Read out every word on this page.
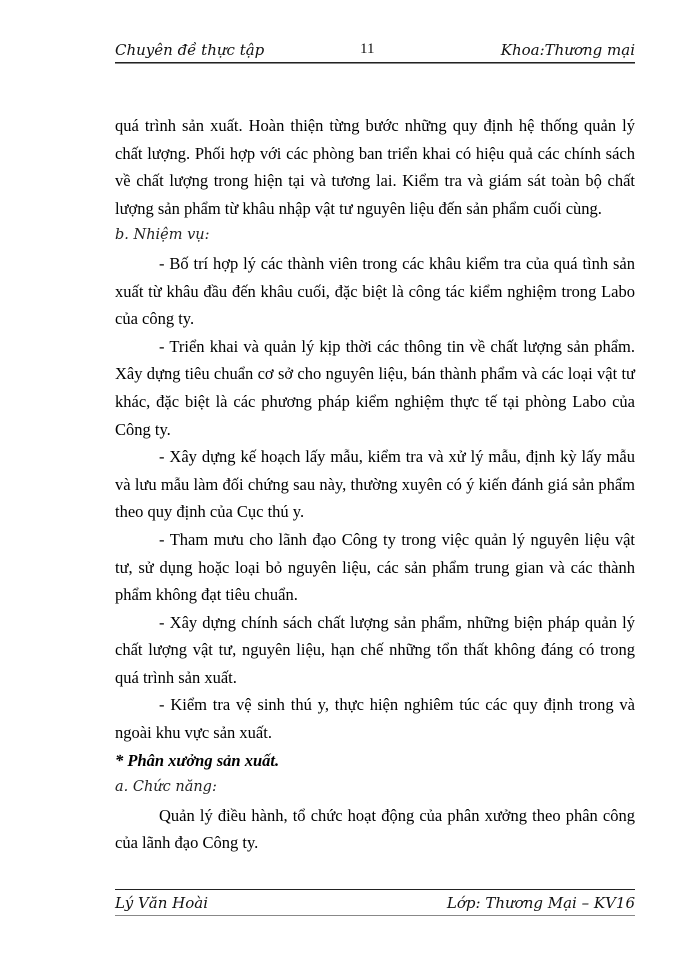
Chuyên đề thực tập	11	Khoa:Thương mại

quá trình sản xuất. Hoàn thiện từng bước những quy định hệ thống quản lý chất lượng. Phối hợp với các phòng ban triển khai có hiệu quả các chính sách về chất lượng trong hiện tại và tương lai. Kiểm tra và giám sát toàn bộ chất lượng sản phẩm từ khâu nhập vật tư nguyên liệu đến sản phẩm cuối cùng.

b. Nhiệm vụ:

- Bố trí hợp lý các thành viên trong các khâu kiểm tra của quá tình sản xuất từ khâu đầu đến khâu cuối, đặc biệt là công tác kiểm nghiệm trong Labo của công ty.

- Triển khai và quản lý kịp thời các thông tin về chất lượng sản phẩm. Xây dựng tiêu chuẩn cơ sở cho nguyên liệu, bán thành phẩm và các loại vật tư khác, đặc biệt là các phương pháp kiểm nghiệm thực tế tại phòng Labo của Công ty.

- Xây dựng kế hoạch lấy mẫu, kiểm tra và xử lý mẫu, định kỳ lấy mẫu và lưu mẫu làm đối chứng sau này, thường xuyên có ý kiến đánh giá sản phẩm theo quy định của Cục thú y.

- Tham mưu cho lãnh đạo Công ty trong việc quản lý nguyên liệu vật tư, sử dụng hoặc loại bỏ nguyên liệu, các sản phẩm trung gian và các thành phẩm không đạt tiêu chuẩn.

- Xây dựng chính sách chất lượng sản phẩm, những biện pháp quản lý chất lượng vật tư, nguyên liệu, hạn chế những tổn thất không đáng có trong quá trình sản xuất.

- Kiểm tra vệ sinh thú y, thực hiện nghiêm túc các quy định trong và ngoài khu vực sản xuất.

* Phân xưởng sản xuất.

a. Chức năng:

Quản lý điều hành, tổ chức hoạt động của phân xưởng theo phân công của lãnh đạo Công ty.

Lý Văn Hoài	Lớp: Thương Mại – KV16
